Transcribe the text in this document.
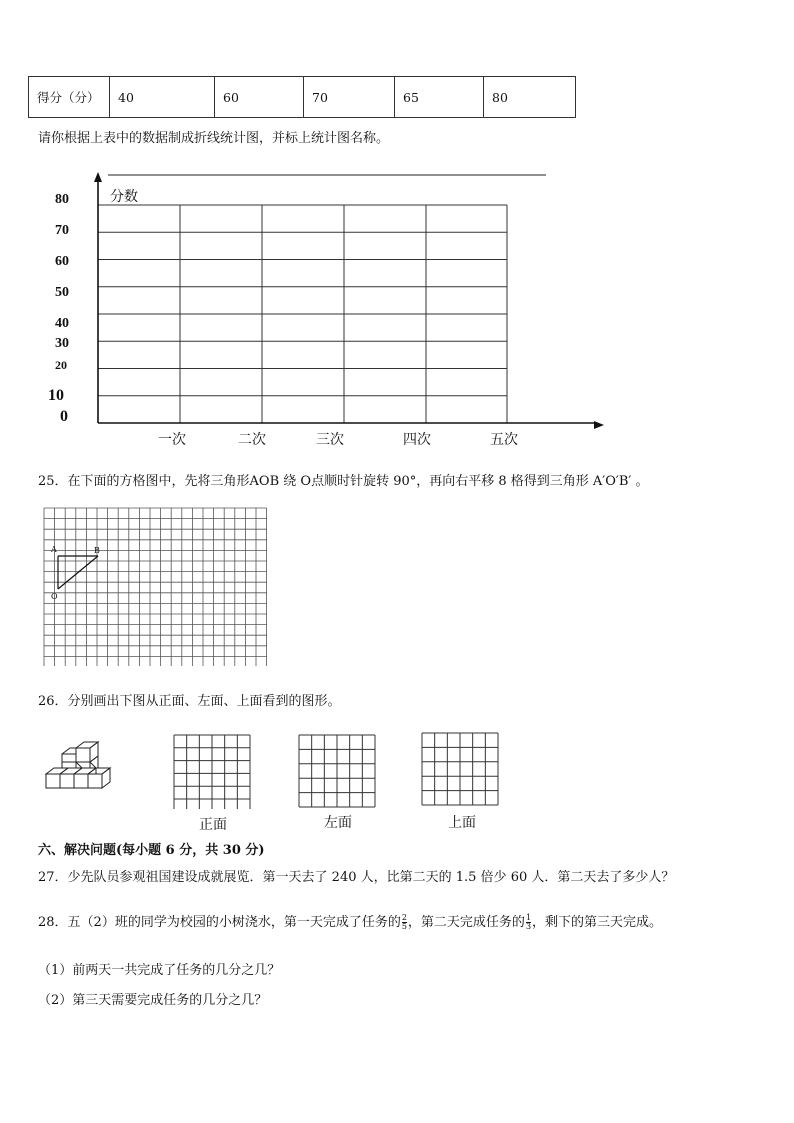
得分（分）	40	60	70	65	80
请你根据上表中的数据制成折线统计图，并标上统计图名称。
分数
80
70
60
50
40
30
20
10
0
一次	二次	三次	四次	五次
25．在下面的方格图中，先将三角形AOB 绕 O点顺时针旋转 90°，再向右平移 8 格得到三角形 A′O′B′ 。
A	B
O
26．分别画出下图从正面、左面、上面看到的图形。
正面	左面	上面
六、解决问题(每小题 6 分，共 30 分)
27．少先队员参观祖国建设成就展览．第一天去了 240 人，比第二天的 1.5 倍少 60 人．第二天去了多少人？
28．五（2）班的同学为校园的小树浇水，第一天完成了任务的 $\frac{2}{5}$ ，第二天完成任务的 $\frac{1}{3}$ ，剩下的第三天完成。
（1）前两天一共完成了任务的几分之几？
（2）第三天需要完成任务的几分之几？
